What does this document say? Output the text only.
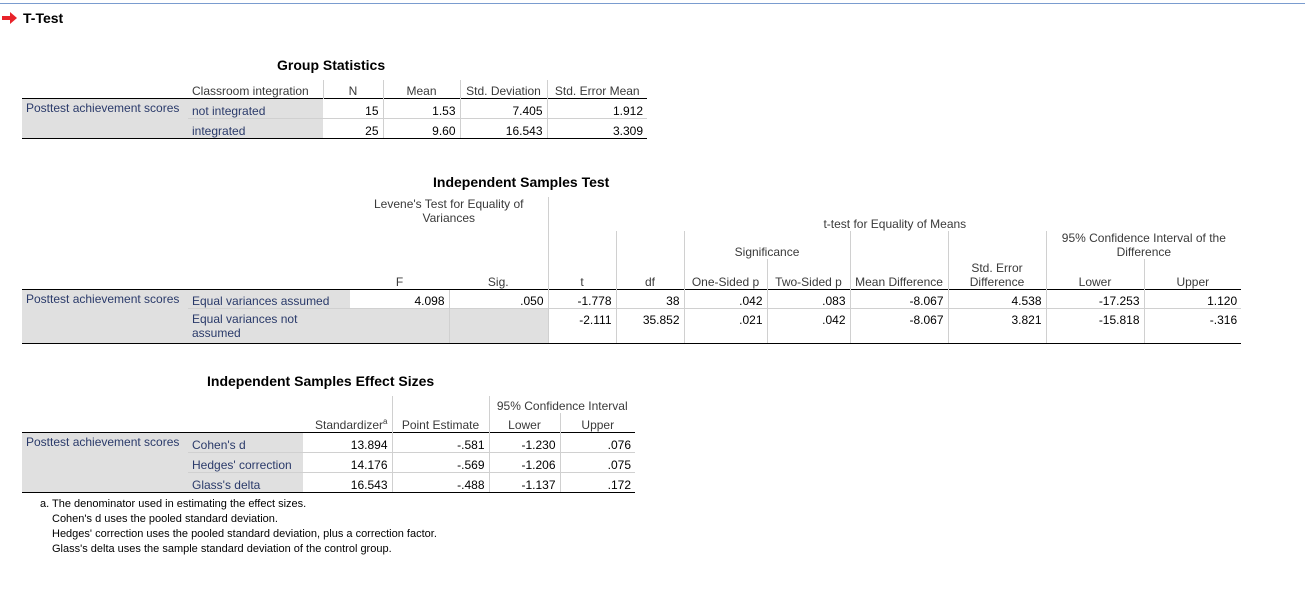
T-Test
Group Statistics
	Classroom integration	N	Mean	Std. Deviation	Std. Error Mean
Posttest achievement scores	not integrated	15	1.53	7.405	1.912
	integrated	25	9.60	16.543	3.309
Independent Samples Test
		Levene's Test for Equality of Variances		t-test for Equality of Means							
						Significance				95% Confidence Interval of the Difference	
		F	Sig.	t	df	One-Sided p	Two-Sided p	Mean Difference	Std. Error Difference	Lower	Upper
Posttest achievement scores	Equal variances assumed	4.098	.050	-1.778	38	.042	.083	-8.067	4.538	-17.253	1.120
	Equal variances not assumed			-2.111	35.852	.021	.042	-8.067	3.821	-15.818	-.316
Independent Samples Effect Sizes
				95% Confidence Interval	
		Standardizer$^a$	Point Estimate	Lower	Upper
Posttest achievement scores	Cohen's d	13.894	-.581	-1.230	.076
	Hedges' correction	14.176	-.569	-1.206	.075
	Glass's delta	16.543	-.488	-1.137	.172
a. The denominator used in estimating the effect sizes.
Cohen's d uses the pooled standard deviation.
Hedges' correction uses the pooled standard deviation, plus a correction factor.
Glass's delta uses the sample standard deviation of the control group.
